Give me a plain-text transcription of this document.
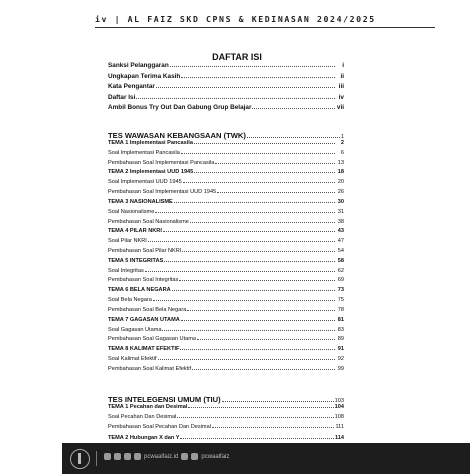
iv | AL FAIZ SKD CPNS & KEDINASAN 2024/2025
DAFTAR ISI
Sanksi Pelanggaran	i
Ungkapan Terima Kasih	ii
Kata Pengantar	iii
Daftar Isi	iv
Ambil Bonus Try Out Dan Gabung Grup Belajar	vii
TES WAWASAN KEBANGSAAN (TWK)	1
TEMA 1 Implementasi Pancasila	2
Soal Implementasi Pancasila	6
Pembahasan Soal Implementasi Pancasila	13
TEMA 2 Implementasi UUD 1945	18
Soal Implementasi UUD 1945	20
Pembahasan Soal Implementasi UUD 1945	26
TEMA 3 NASIONALISME	30
Soal Nasionalisme	31
Pembahasan Soal Nasionalisme	38
TEMA 4 PILAR NKRI	43
Soal Pilar NKRI	47
Pembahasan Soal Pilar NKRI	54
TEMA 5 INTEGRITAS	58
Soal Integritas	62
Pembahasan Soal Integritas	69
TEMA 6 BELA NEGARA	73
Soal Bela Negara	75
Pembahasan Soal Bela Negara	78
TEMA 7 GAGASAN UTAMA	81
Soal Gagasan Utama	83
Pembahasan Soal Gagasan Utama	89
TEMA 8 KALIMAT EFEKTIF	91
Soal Kalimat Efektif	92
Pembahasan Soal Kalimat Efektif	99
TES INTELEGENSI UMUM (TIU)	103
TEMA 1 Pecahan dan Desimal	104
Soal Pecahan Dan Desimal	108
Pembahasan Soal Pecahan Dan Desimal	111
TEMA 2 Hubungan X dan Y	114
pcwaalfaiz.id	pcwaalfaiz
